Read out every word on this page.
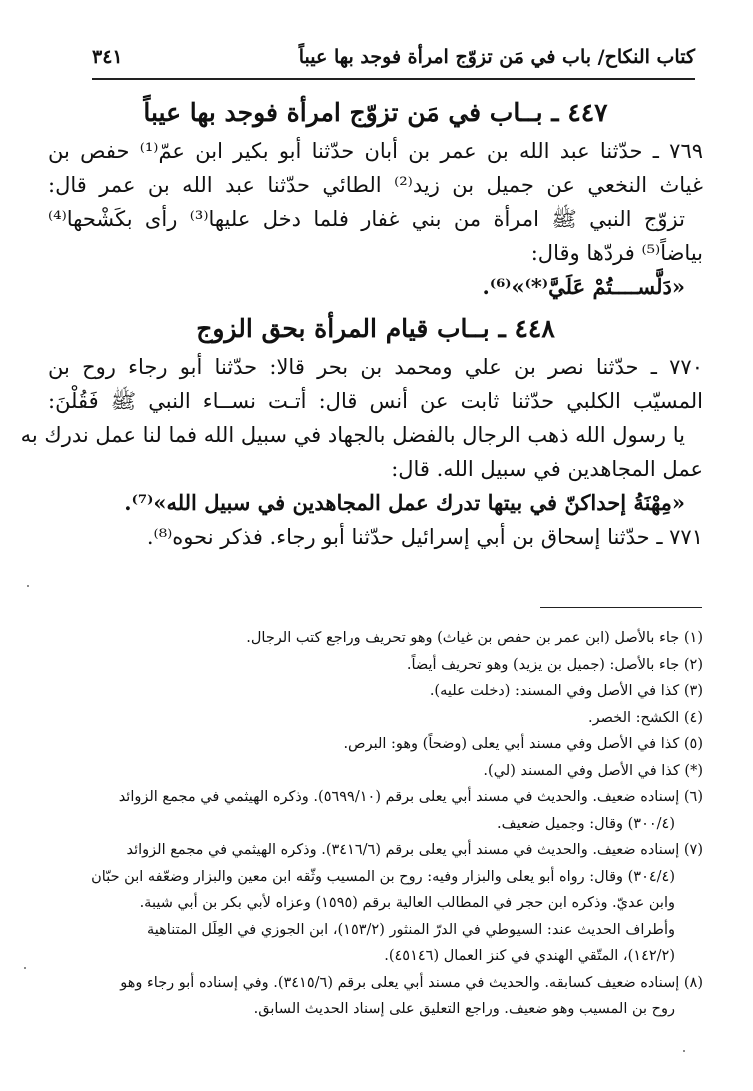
كتاب النكاح/ باب في مَن تزوّج امرأة فوجد بها عيباً
٣٤١
٤٤٧ ـ بــاب في مَن تزوّج امرأة فوجد بها عيباً

٧٦٩ ـ حدّثنا عبد الله بن عمر بن أبان حدّثنا أبو بكير ابن عمّ⁽¹⁾ حفص بن

غياث النخعي عن جميل بن زيد⁽²⁾ الطائي حدّثنا عبد الله بن عمر قال:

تزوّج النبي ﷺ امرأة من بني غفار فلما دخل عليها⁽³⁾ رأى بكَشْحها⁽⁴⁾

بياضاً⁽⁵⁾ فردّها وقال:

«دَلَّســــتُمْ عَلَيَّ⁽*⁾»⁽⁶⁾.

٤٤٨ ـ بــاب قيام المرأة بحق الزوج

٧٧٠ ـ حدّثنا نصر بن علي ومحمد بن بحر قالا: حدّثنا أبو رجاء روح بن

المسيّب الكلبي حدّثنا ثابت عن أنس قال: أتـت نســاء النبي ﷺ فَقُلْنَ:

يا رسول الله ذهب الرجال بالفضل بالجهاد في سبيل الله فما لنا عمل ندرك به

عمل المجاهدين في سبيل الله. قال:

«مِهْنَةُ إحداكنّ في بيتها تدرك عمل المجاهدين في سبيل الله»⁽⁷⁾.

٧٧١ ـ حدّثنا إسحاق بن أبي إسرائيل حدّثنا أبو رجاء. فذكر نحوه⁽⁸⁾.

(١) جاء بالأصل (ابن عمر بن حفص بن غياث) وهو تحريف وراجع كتب الرجال.

(٢) جاء بالأصل: (جميل بن يزيد) وهو تحريف أيضاً.

(٣) كذا في الأصل وفي المسند: (دخلت عليه).

(٤) الكشح: الخصر.

(٥) كذا في الأصل وفي مسند أبي يعلى (وضحاً) وهو: البرص.

(*) كذا في الأصل وفي المسند (لي).

(٦) إسناده ضعيف. والحديث في مسند أبي يعلى برقم (٥٦٩٩/١٠). وذكره الهيثمي في مجمع الزوائد

(٣٠٠/٤) وقال: وجميل ضعيف.

(٧) إسناده ضعيف. والحديث في مسند أبي يعلى برقم (٣٤١٦/٦). وذكره الهيثمي في مجمع الزوائد

(٣٠٤/٤) وقال: رواه أبو يعلى والبزار وفيه: روح بن المسيب وثّقه ابن معين والبزار وضعّفه ابن حبّان

وابن عديّ. وذكره ابن حجر في المطالب العالية برقم (١٥٩٥) وعزاه لأبي بكر بن أبي شيبة.

وأطراف الحديث عند: السيوطي في الدرّ المنثور (١٥٣/٢)، ابن الجوزي في العِلَل المتناهية

(١٤٢/٢)، المتّقي الهندي في كنز العمال (٤٥١٤٦).

(٨) إسناده ضعيف كسابقه. والحديث في مسند أبي يعلى برقم (٣٤١٥/٦). وفي إسناده أبو رجاء وهو

روح بن المسيب وهو ضعيف. وراجع التعليق على إسناد الحديث السابق.
